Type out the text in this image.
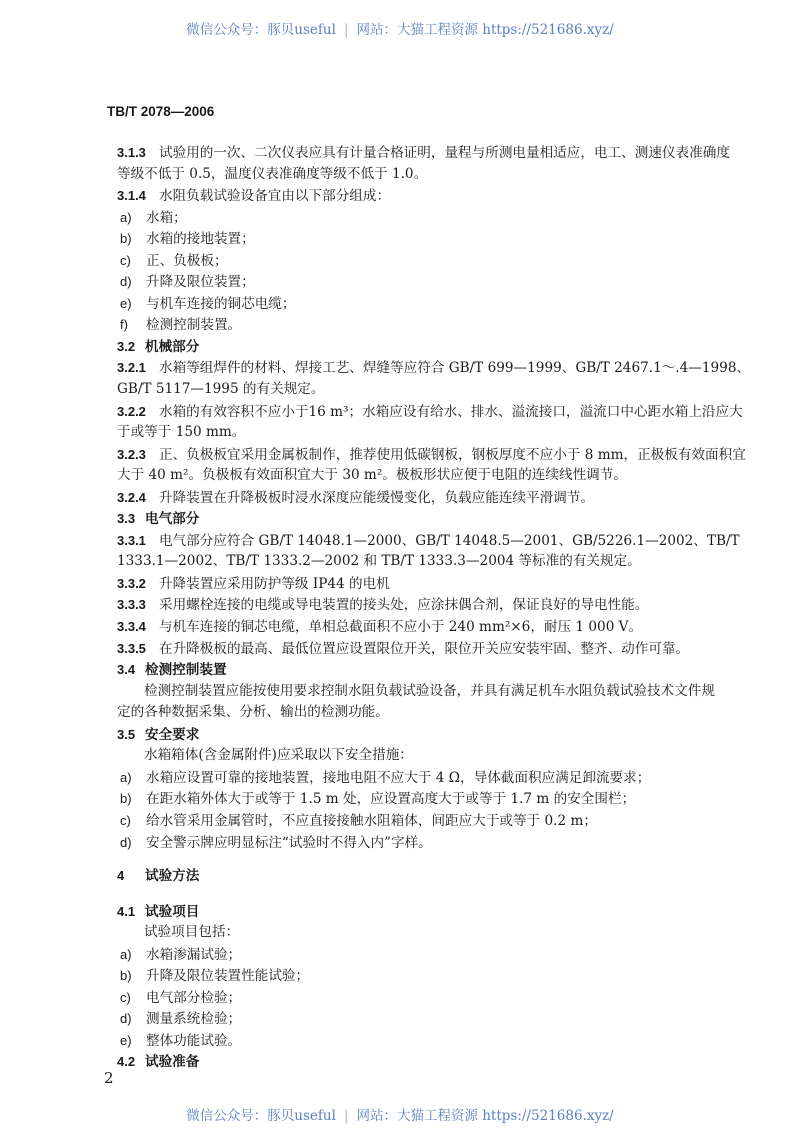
微信公众号：豚贝useful | 网站：大猫工程资源 https://521686.xyz/
TB/T 2078—2006
3.1.3 试验用的一次、二次仪表应具有计量合格证明，量程与所测电量相适应，电工、测速仪表准确度
等级不低于 0.5，温度仪表准确度等级不低于 1.0。
3.1.4 水阻负载试验设备宜由以下部分组成：
a) 水箱；
b) 水箱的接地装置；
c) 正、负极板；
d) 升降及限位装置；
e) 与机车连接的铜芯电缆；
f) 检测控制装置。
3.2 机械部分
3.2.1 水箱等组焊件的材料、焊接工艺、焊缝等应符合 GB/T 699—1999、GB/T 2467.1～.4—1998、
GB/T 5117—1995 的有关规定。
3.2.2 水箱的有效容积不应小于16 m³；水箱应设有给水、排水、溢流接口，溢流口中心距水箱上沿应大
于或等于 150 mm。
3.2.3 正、负极板宜采用金属板制作，推荐使用低碳钢板，钢板厚度不应小于 8 mm，正极板有效面积宜
大于 40 m²。负极板有效面积宜大于 30 m²。极板形状应便于电阻的连续线性调节。
3.2.4 升降装置在升降极板时浸水深度应能缓慢变化，负载应能连续平滑调节。
3.3 电气部分
3.3.1 电气部分应符合 GB/T 14048.1—2000、GB/T 14048.5—2001、GB/5226.1—2002、TB/T
1333.1—2002、TB/T 1333.2—2002 和 TB/T 1333.3—2004 等标准的有关规定。
3.3.2 升降装置应采用防护等级 IP44 的电机
3.3.3 采用螺栓连接的电缆或导电装置的接头处，应涂抹偶合剂，保证良好的导电性能。
3.3.4 与机车连接的铜芯电缆，单相总截面积不应小于 240 mm²×6，耐压 1 000 V。
3.3.5 在升降极板的最高、最低位置应设置限位开关，限位开关应安装牢固、整齐、动作可靠。
3.4 检测控制装置
检测控制装置应能按使用要求控制水阻负载试验设备，并具有满足机车水阻负载试验技术文件规
定的各种数据采集、分析、输出的检测功能。
3.5 安全要求
水箱箱体(含金属附件)应采取以下安全措施：
a) 水箱应设置可靠的接地装置，接地电阻不应大于 4 Ω，导体截面积应满足卸流要求；
b) 在距水箱外体大于或等于 1.5 m 处，应设置高度大于或等于 1.7 m 的安全围栏；
c) 给水管采用金属管时，不应直接接触水阻箱体，间距应大于或等于 0.2 m；
d) 安全警示牌应明显标注“试验时不得入内”字样。
4 试验方法
4.1 试验项目
试验项目包括：
a) 水箱渗漏试验；
b) 升降及限位装置性能试验；
c) 电气部分检验；
d) 测量系统检验；
e) 整体功能试验。
4.2 试验准备
2
微信公众号：豚贝useful | 网站：大猫工程资源 https://521686.xyz/
